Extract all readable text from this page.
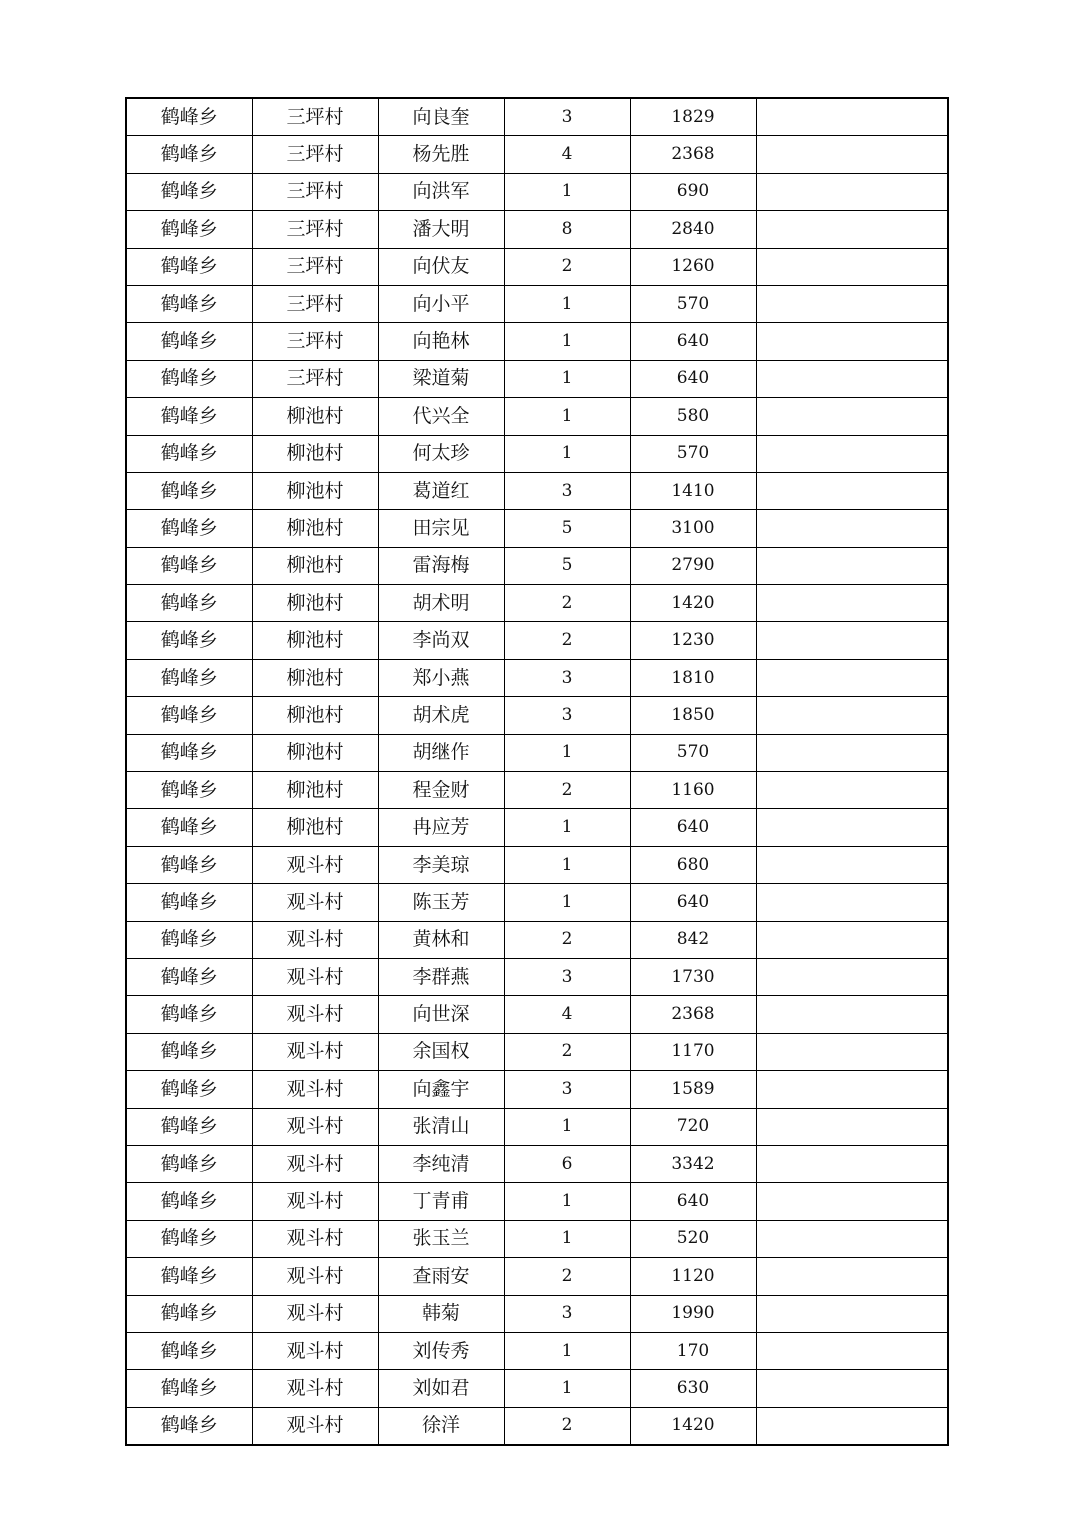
鹤峰乡	三坪村	向良奎	3	1829	
鹤峰乡	三坪村	杨先胜	4	2368	
鹤峰乡	三坪村	向洪军	1	690	
鹤峰乡	三坪村	潘大明	8	2840	
鹤峰乡	三坪村	向伏友	2	1260	
鹤峰乡	三坪村	向小平	1	570	
鹤峰乡	三坪村	向艳林	1	640	
鹤峰乡	三坪村	梁道菊	1	640	
鹤峰乡	柳池村	代兴全	1	580	
鹤峰乡	柳池村	何太珍	1	570	
鹤峰乡	柳池村	葛道红	3	1410	
鹤峰乡	柳池村	田宗见	5	3100	
鹤峰乡	柳池村	雷海梅	5	2790	
鹤峰乡	柳池村	胡术明	2	1420	
鹤峰乡	柳池村	李尚双	2	1230	
鹤峰乡	柳池村	郑小燕	3	1810	
鹤峰乡	柳池村	胡术虎	3	1850	
鹤峰乡	柳池村	胡继作	1	570	
鹤峰乡	柳池村	程金财	2	1160	
鹤峰乡	柳池村	冉应芳	1	640	
鹤峰乡	观斗村	李美琼	1	680	
鹤峰乡	观斗村	陈玉芳	1	640	
鹤峰乡	观斗村	黄林和	2	842	
鹤峰乡	观斗村	李群燕	3	1730	
鹤峰乡	观斗村	向世深	4	2368	
鹤峰乡	观斗村	余国权	2	1170	
鹤峰乡	观斗村	向鑫宇	3	1589	
鹤峰乡	观斗村	张清山	1	720	
鹤峰乡	观斗村	李纯清	6	3342	
鹤峰乡	观斗村	丁青甫	1	640	
鹤峰乡	观斗村	张玉兰	1	520	
鹤峰乡	观斗村	查雨安	2	1120	
鹤峰乡	观斗村	韩菊	3	1990	
鹤峰乡	观斗村	刘传秀	1	170	
鹤峰乡	观斗村	刘如君	1	630	
鹤峰乡	观斗村	徐洋	2	1420	
